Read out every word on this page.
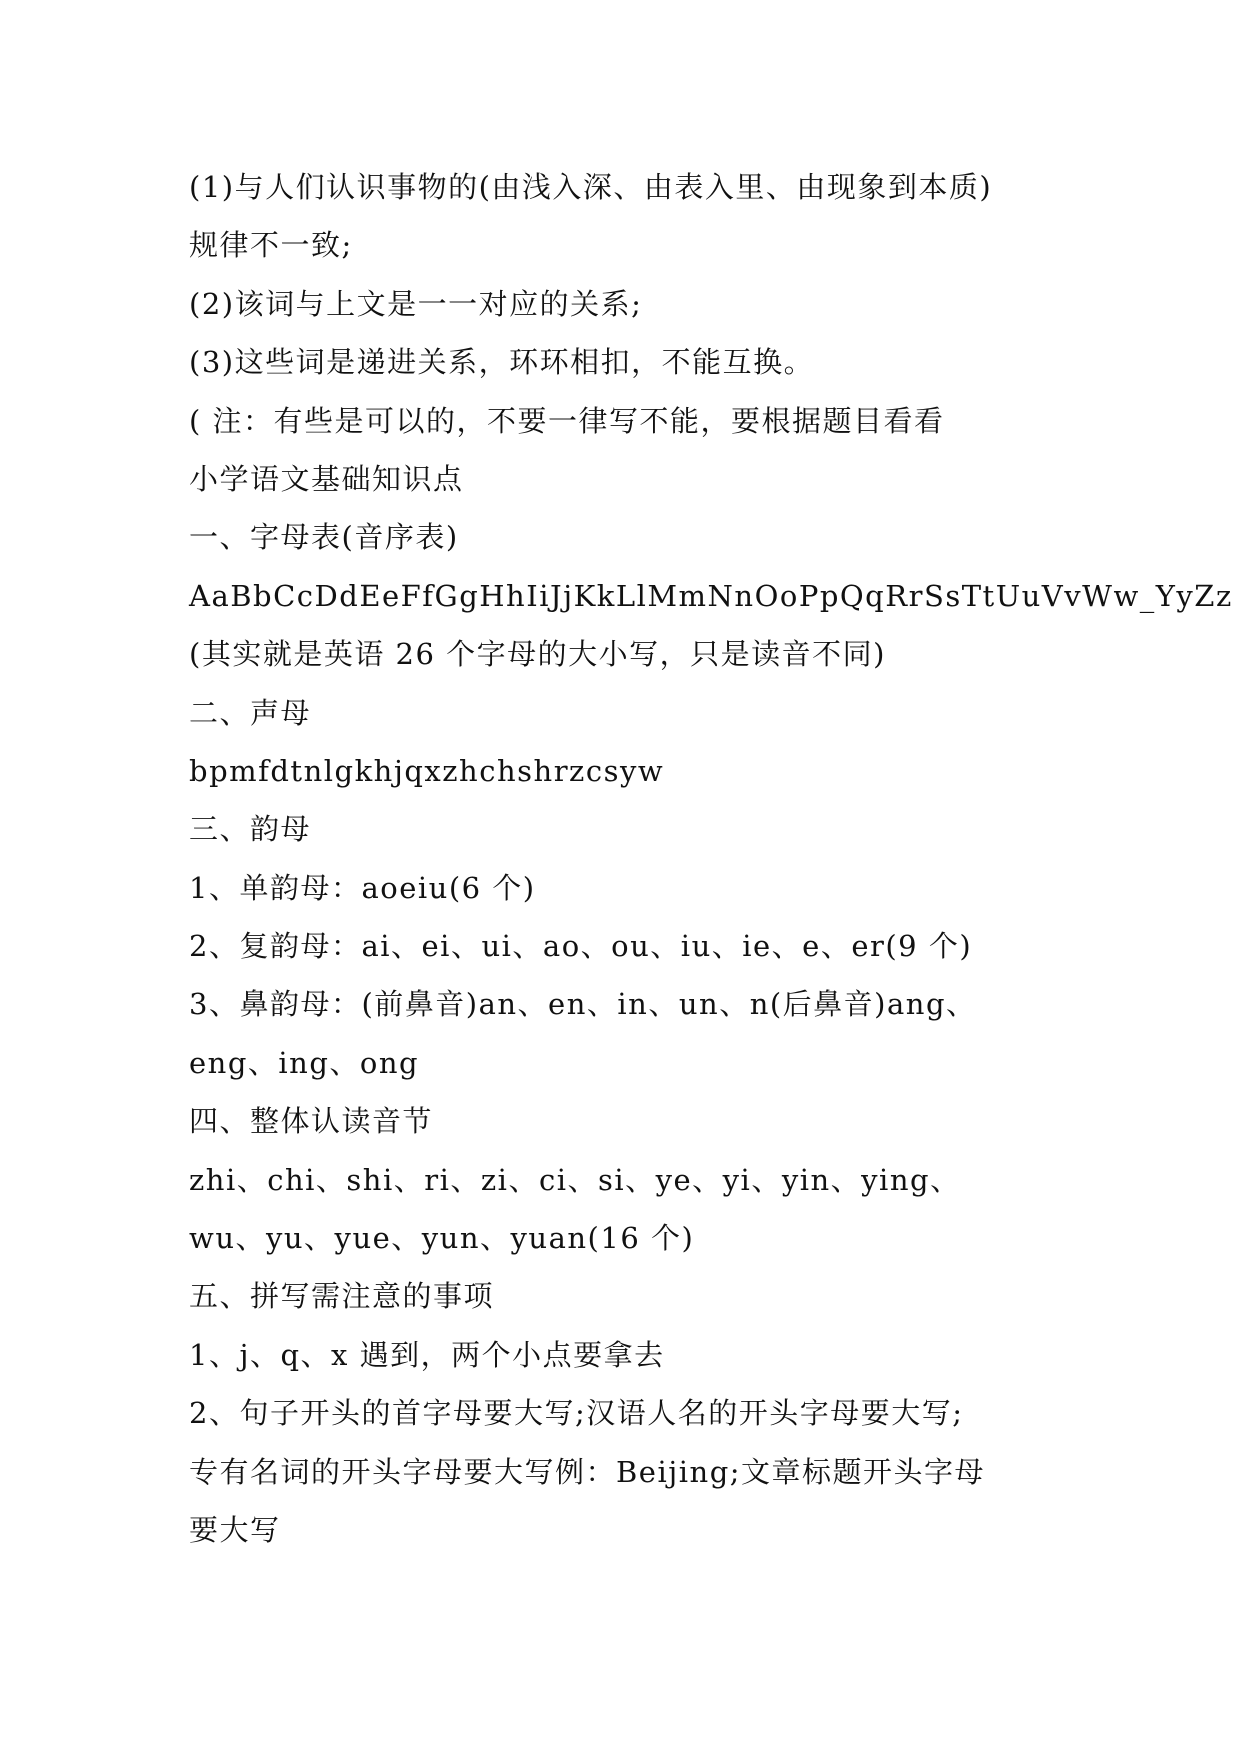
(1)与人们认识事物的(由浅入深、由表入里、由现象到本质)
规律不一致;
(2)该词与上文是一一对应的关系;
(3)这些词是递进关系，环环相扣，不能互换。
( 注：有些是可以的，不要一律写不能，要根据题目看看
小学语文基础知识点
一、字母表(音序表)
AaBbCcDdEeFfGgHhIiJjKkLlMmNnOoPpQqRrSsTtUuVvWw_YyZz
(其实就是英语 26 个字母的大小写，只是读音不同)
二、声母
bpmfdtnlgkhjqxzhchshrzcsyw
三、韵母
1、单韵母：aoeiu(6 个)
2、复韵母：ai、ei、ui、ao、ou、iu、ie、e、er(9 个)
3、鼻韵母：(前鼻音)an、en、in、un、n(后鼻音)ang、
eng、ing、ong
四、整体认读音节
zhi、chi、shi、ri、zi、ci、si、ye、yi、yin、ying、
wu、yu、yue、yun、yuan(16 个)
五、拼写需注意的事项
1、j、q、x 遇到，两个小点要拿去
2、句子开头的首字母要大写;汉语人名的开头字母要大写;
专有名词的开头字母要大写例：Beijing;文章标题开头字母
要大写
